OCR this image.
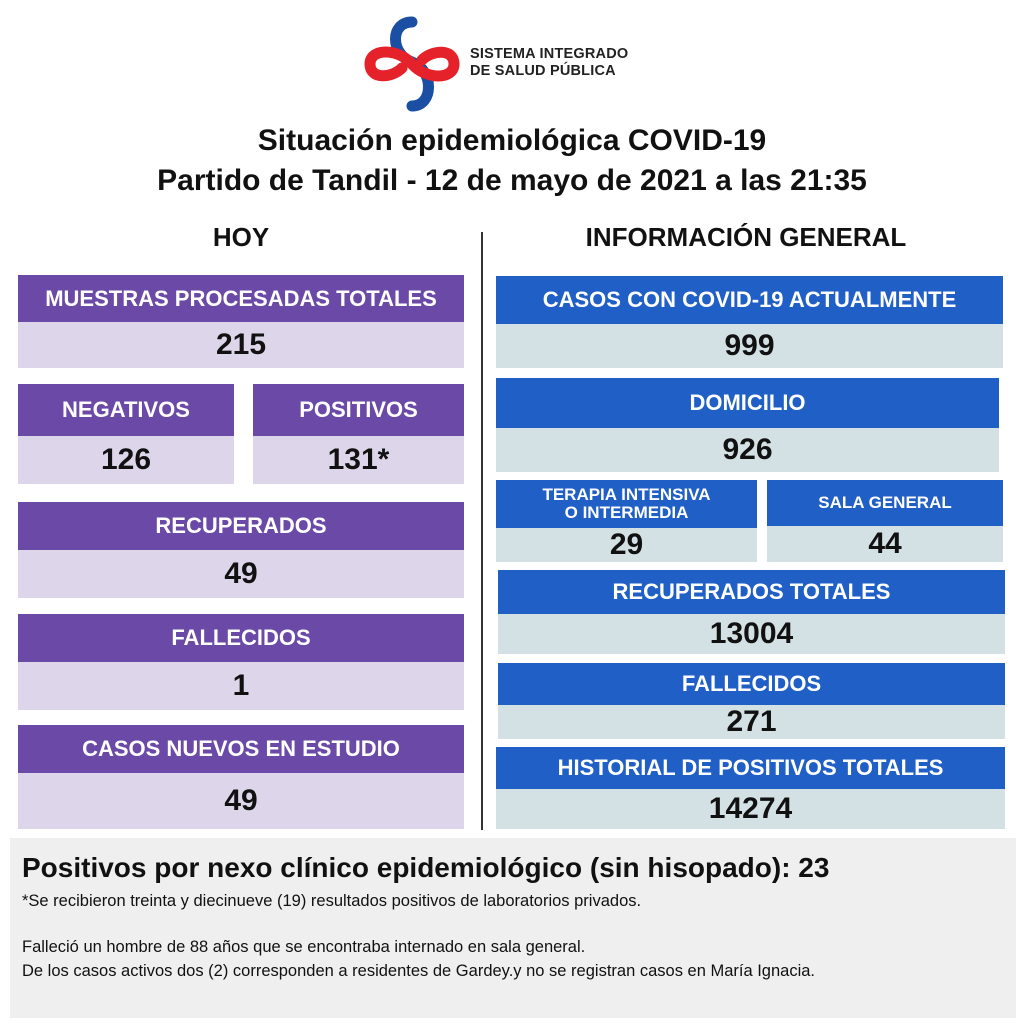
SISTEMA INTEGRADO
DE SALUD PÚBLICA
Situación epidemiológica COVID-19
Partido de Tandil - 12 de mayo de 2021 a las 21:35
HOY	INFORMACIÓN GENERAL
MUESTRAS PROCESADAS TOTALES
215
NEGATIVOS
126
POSITIVOS
131*
RECUPERADOS
49
FALLECIDOS
1
CASOS NUEVOS EN ESTUDIO
49
CASOS CON COVID-19 ACTUALMENTE
999
DOMICILIO
926
TERAPIA INTENSIVA
O INTERMEDIA
29
SALA GENERAL
44
RECUPERADOS TOTALES
13004
FALLECIDOS
271
HISTORIAL DE POSITIVOS TOTALES
14274
Positivos por nexo clínico epidemiológico (sin hisopado): 23
*Se recibieron treinta y diecinueve (19) resultados positivos de laboratorios privados.
Falleció un hombre de 88 años que se encontraba internado en sala general.
De los casos activos dos (2) corresponden a residentes de Gardey.y no se registran casos en María Ignacia.
